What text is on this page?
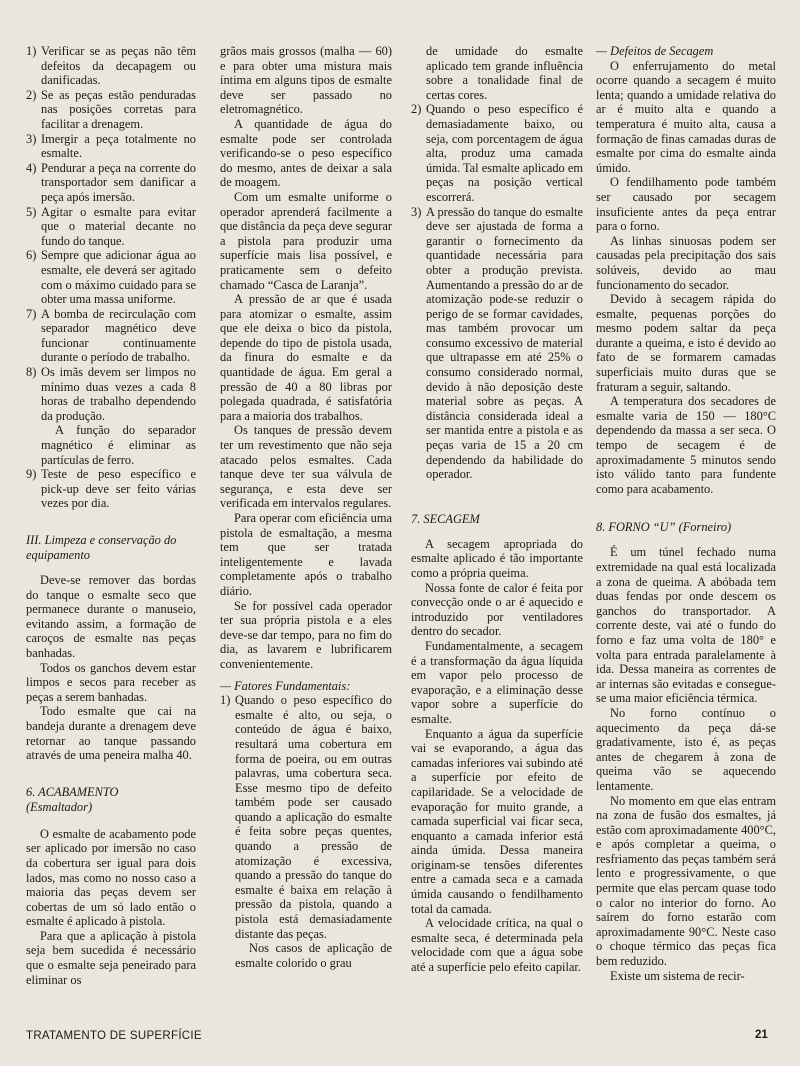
1) Verificar se as peças não têm defeitos da decapagem ou danificadas.
2) Se as peças estão penduradas nas posições corretas para facilitar a drenagem.
3) Imergir a peça totalmente no esmalte.
4) Pendurar a peça na corrente do transportador sem danificar a peça após imersão.
5) Agitar o esmalte para evitar que o material decante no fundo do tanque.
6) Sempre que adicionar água ao esmalte, ele deverá ser agitado com o máximo cuidado para se obter uma massa uniforme.
7) A bomba de recirculação com separador magnético deve funcionar continuamente durante o período de trabalho.
8) Os imãs devem ser limpos no mínimo duas vezes a cada 8 horas de trabalho dependendo da produção.
A função do separador magnético é eliminar as partículas de ferro.
9) Teste de peso específico e pick-up deve ser feito várias vezes por dia.
III. Limpeza e conservação do equipamento

Deve-se remover das bordas do tanque o esmalte seco que permanece durante o manuseio, evitando assim, a formação de caroços de esmalte nas peças banhadas.

Todos os ganchos devem estar limpos e secos para receber as peças a serem banhadas.

Todo esmalte que cai na bandeja durante a drenagem deve retornar ao tanque passando através de uma peneira malha 40.

6. ACABAMENTO
(Esmaltador)

O esmalte de acabamento pode ser aplicado por imersão no caso da cobertura ser igual para dois lados, mas como no nosso caso a maioria das peças devem ser cobertas de um só lado então o esmalte é aplicado à pistola.

Para que a aplicação à pistola seja bem sucedida é necessário que o esmalte seja peneirado para eliminar os

grãos mais grossos (malha — 60) e para obter uma mistura mais íntima em alguns tipos de esmalte deve ser passado no eletromagnético.

A quantidade de água do esmalte pode ser controlada verificando-se o peso específico do mesmo, antes de deixar a sala de moagem.

Com um esmalte uniforme o operador aprenderá facilmente a que distância da peça deve segurar a pistola para produzir uma superfície mais lisa possível, e praticamente sem o defeito chamado “Casca de Laranja”.

A pressão de ar que é usada para atomizar o esmalte, assim que ele deixa o bico da pistola, depende do tipo de pistola usada, da finura do esmalte e da quantidade de água. Em geral a pressão de 40 a 80 libras por polegada quadrada, é satisfatória para a maioria dos trabalhos.

Os tanques de pressão devem ter um revestimento que não seja atacado pelos esmaltes. Cada tanque deve ter sua válvula de segurança, e esta deve ser verificada em intervalos regulares.

Para operar com eficiência uma pistola de esmaltação, a mesma tem que ser tratada inteligentemente e lavada completamente após o trabalho diário.

Se for possível cada operador ter sua própria pistola e a eles deve-se dar tempo, para no fim do dia, as lavarem e lubrificarem convenientemente.

— Fatores Fundamentais:

1) Quando o peso específico do esmalte é alto, ou seja, o conteúdo de água é baixo, resultará uma cobertura em forma de poeira, ou em outras palavras, uma cobertura seca. Esse mesmo tipo de defeito também pode ser causado quando a aplicação do esmalte é feita sobre peças quentes, quando a pressão de atomização é excessiva, quando a pressão do tanque do esmalte é baixa em relação à pressão da pistola, quando a pistola está demasiadamente distante das peças.
Nos casos de aplicação de esmalte colorido o grau
de umidade do esmalte aplicado tem grande influência sobre a tonalidade final de certas cores.
2) Quando o peso específico é demasiadamente baixo, ou seja, com porcentagem de água alta, produz uma camada úmida. Tal esmalte aplicado em peças na posição vertical escorrerá.
3) A pressão do tanque do esmalte deve ser ajustada de forma a garantir o fornecimento da quantidade necessária para obter a produção prevista. Aumentando a pressão do ar de atomização pode-se reduzir o perigo de se formar cavidades, mas também provocar um consumo excessivo de material que ultrapasse em até 25% o consumo considerado normal, devido à não deposição deste material sobre as peças. A distância considerada ideal a ser mantida entre a pistola e as peças varia de 15 a 20 cm dependendo da habilidade do operador.
7. SECAGEM

A secagem apropriada do esmalte aplicado é tão importante como a própria queima.

Nossa fonte de calor é feita por convecção onde o ar é aquecido e introduzido por ventiladores dentro do secador.

Fundamentalmente, a secagem é a transformação da água líquida em vapor pelo processo de evaporação, e a eliminação desse vapor sobre a superfície do esmalte.

Enquanto a água da superfície vai se evaporando, a água das camadas inferiores vai subindo até a superfície por efeito de capilaridade. Se a velocidade de evaporação for muito grande, a camada superficial vai ficar seca, enquanto a camada inferior está ainda úmida. Dessa maneira originam-se tensões diferentes entre a camada seca e a camada úmida causando o fendilhamento total da camada.

A velocidade crítica, na qual o esmalte seca, é determinada pela velocidade com que a água sobe até a superfície pelo efeito capilar.

— Defeitos de Secagem

O enferrujamento do metal ocorre quando a secagem é muito lenta; quando a umidade relativa do ar é muito alta e quando a temperatura é muito alta, causa a formação de finas camadas duras de esmalte por cima do esmalte ainda úmido.

O fendilhamento pode também ser causado por secagem insuficiente antes da peça entrar para o forno.

As linhas sinuosas podem ser causadas pela precipitação dos sais solúveis, devido ao mau funcionamento do secador.

Devido à secagem rápida do esmalte, pequenas porções do mesmo podem saltar da peça durante a queima, e isto é devido ao fato de se formarem camadas superficiais muito duras que se fraturam a seguir, saltando.

A temperatura dos secadores de esmalte varia de 150 — 180°C dependendo da massa a ser seca. O tempo de secagem é de aproximadamente 5 minutos sendo isto válido tanto para fundente como para acabamento.

8. FORNO “U” (Forneiro)

É um túnel fechado numa extremidade na qual está localizada a zona de queima. A abóbada tem duas fendas por onde descem os ganchos do transportador. A corrente deste, vai até o fundo do forno e faz uma volta de 180° e volta para entrada paralelamente à ida. Dessa maneira as correntes de ar internas são evitadas e consegue-se uma maior eficiência térmica.

No forno contínuo o aquecimento da peça dá-se gradativamente, isto é, as peças antes de chegarem à zona de queima vão se aquecendo lentamente.

No momento em que elas entram na zona de fusão dos esmaltes, já estão com aproximadamente 400°C, e após completar a queima, o resfriamento das peças também será lento e progressivamente, o que permite que elas percam quase todo o calor no interior do forno. Ao saírem do forno estarão com aproximadamente 90°C. Neste caso o choque térmico das peças fica bem reduzido.

Existe um sistema de recir-

TRATAMENTO DE SUPERFÍCIE	21
